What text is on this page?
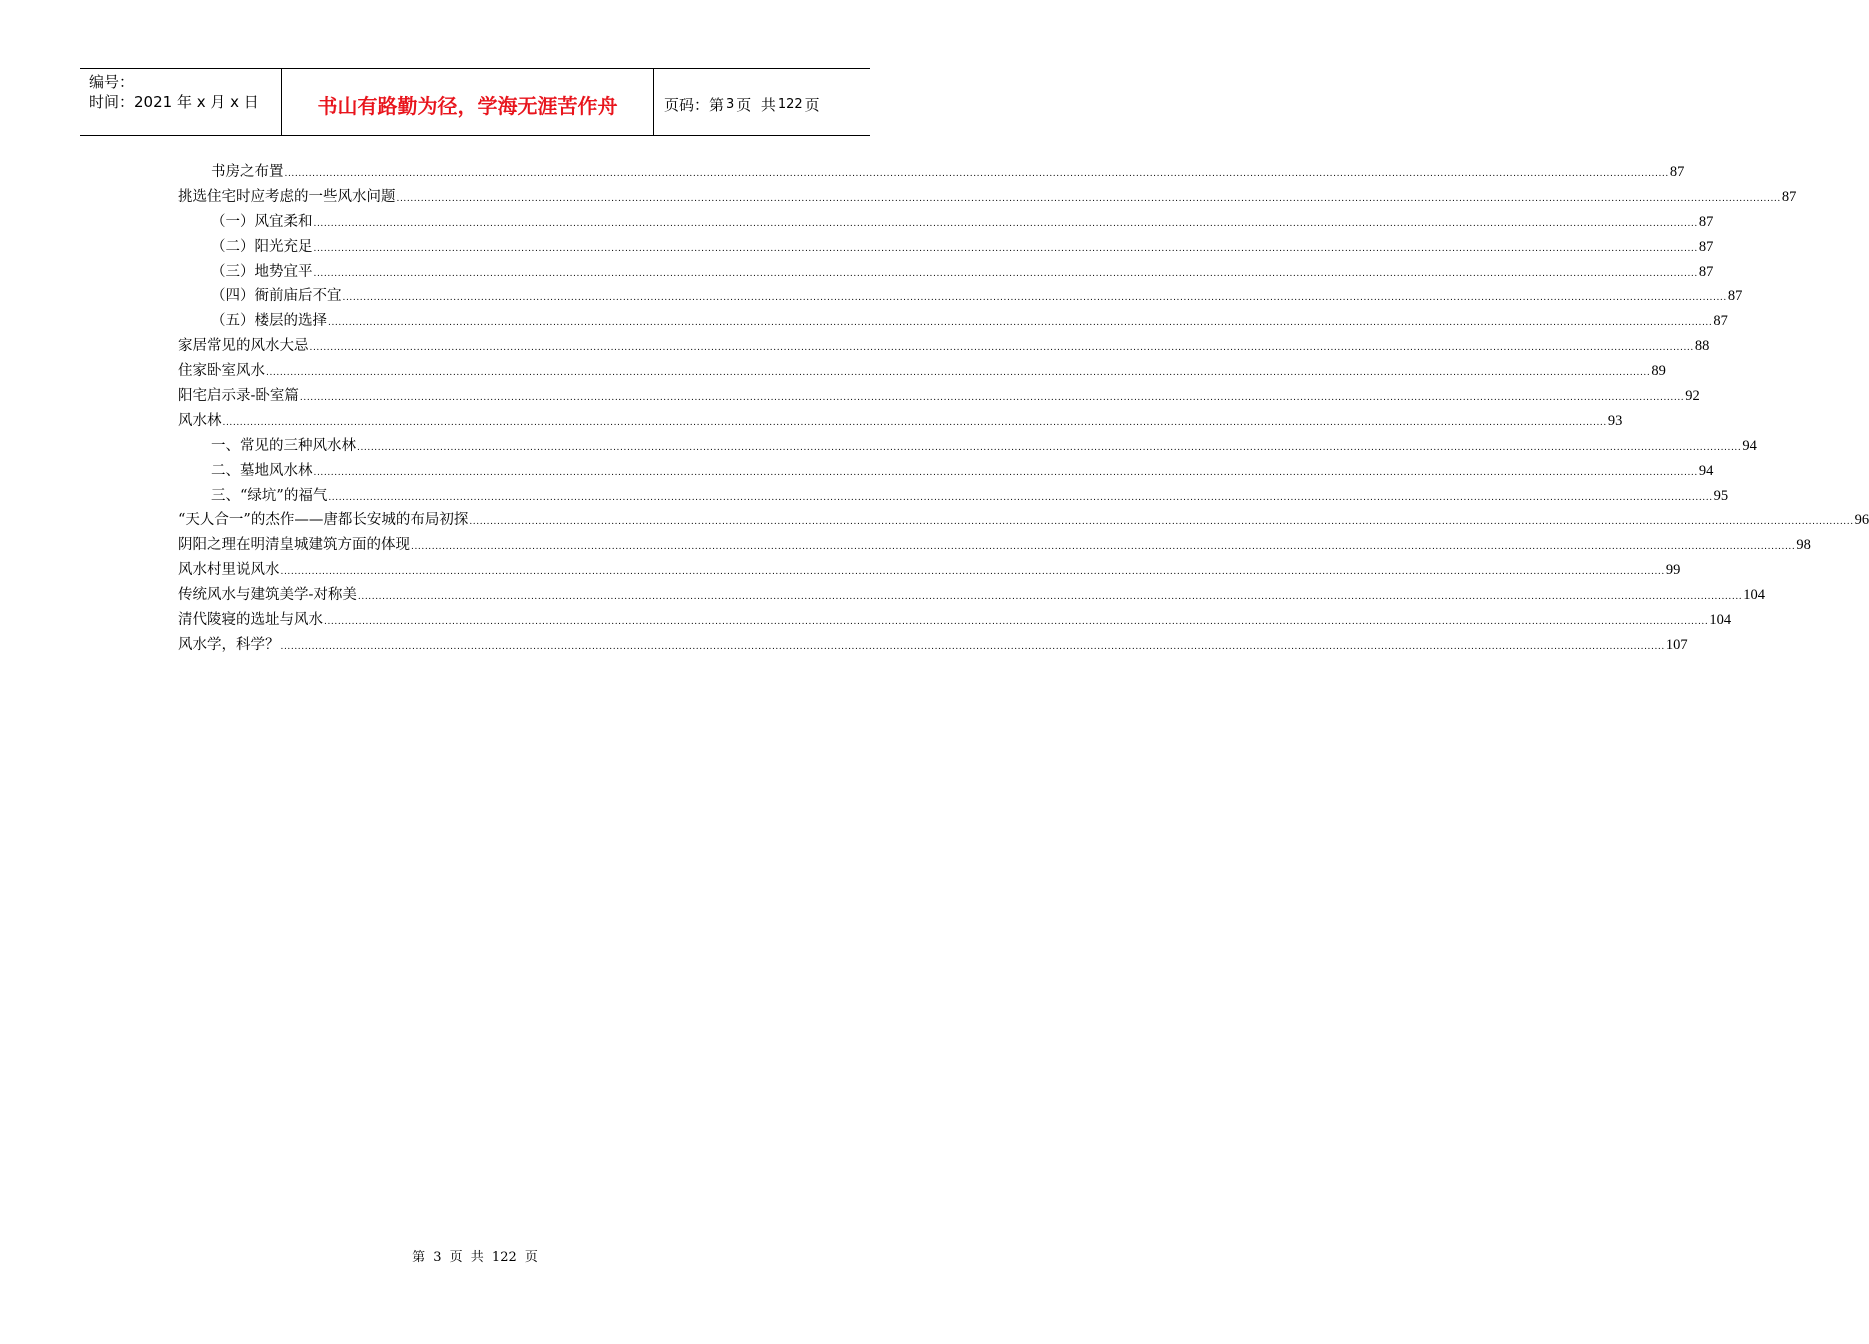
编号：
时间：2021 年 x 月 x 日	书山有路勤为径，学海无涯苦作舟	页码：第 3 页  共 122 页
书房之布置 ................................................................................................................................................................................................................................................................................................................................................................................................................ 87
挑选住宅时应考虑的一些风水问题 ................................................................................................................................................................................................................................................................................................................................................................................................................ 87
（一）风宜柔和 ................................................................................................................................................................................................................................................................................................................................................................................................................ 87
（二）阳光充足 ................................................................................................................................................................................................................................................................................................................................................................................................................ 87
（三）地势宜平 ................................................................................................................................................................................................................................................................................................................................................................................................................ 87
（四）衙前庙后不宜 ................................................................................................................................................................................................................................................................................................................................................................................................................ 87
（五）楼层的选择 ................................................................................................................................................................................................................................................................................................................................................................................................................ 87
家居常见的风水大忌 ................................................................................................................................................................................................................................................................................................................................................................................................................ 88
住家卧室风水 ................................................................................................................................................................................................................................................................................................................................................................................................................ 89
阳宅启示录-卧室篇 ................................................................................................................................................................................................................................................................................................................................................................................................................ 92
风水林 ................................................................................................................................................................................................................................................................................................................................................................................................................ 93
一、常见的三种风水林 ................................................................................................................................................................................................................................................................................................................................................................................................................ 94
二、墓地风水林 ................................................................................................................................................................................................................................................................................................................................................................................................................ 94
三、“绿坑”的福气 ................................................................................................................................................................................................................................................................................................................................................................................................................ 95
“天人合一”的杰作——唐都长安城的布局初探 ................................................................................................................................................................................................................................................................................................................................................................................................................ 96
阴阳之理在明清皇城建筑方面的体现 ................................................................................................................................................................................................................................................................................................................................................................................................................ 98
风水村里说风水 ................................................................................................................................................................................................................................................................................................................................................................................................................ 99
传统风水与建筑美学-对称美 ................................................................................................................................................................................................................................................................................................................................................................................................................ 104
清代陵寝的选址与风水 ................................................................................................................................................................................................................................................................................................................................................................................................................ 104
风水学，科学？ ................................................................................................................................................................................................................................................................................................................................................................................................................ 107
第 3 页 共 122 页
